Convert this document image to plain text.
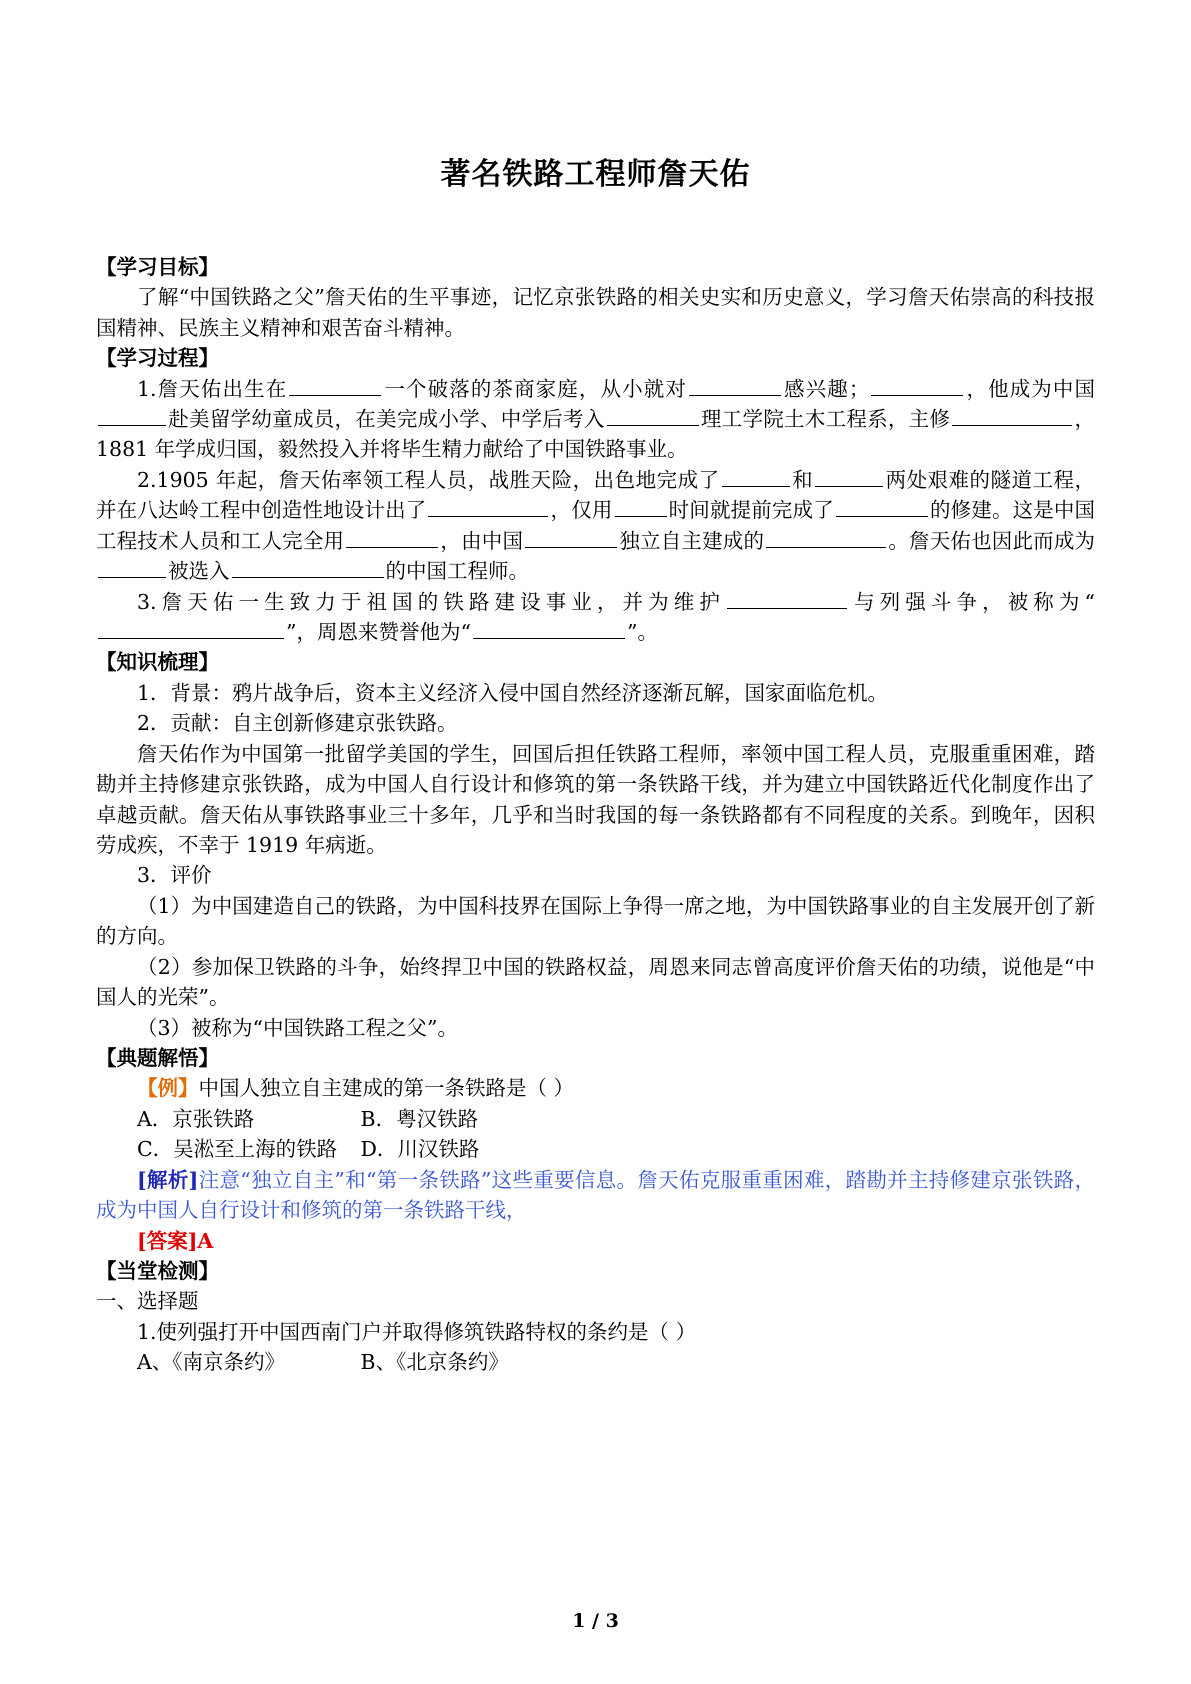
著名铁路工程师詹天佑
【学习目标】

了解“中国铁路之父”詹天佑的生平事迹，记忆京张铁路的相关史实和历史意义，学习詹天佑崇高的科技报国精神、民族主义精神和艰苦奋斗精神。

【学习过程】

1.詹天佑出生在	一个破落的茶商家庭，从小就对	感兴趣；	，他成为中国赴美留学幼童成员，在美完成小学、中学后考入	理工学院土木工程系，主修	，1881 年学成归国，毅然投入并将毕生精力献给了中国铁路事业。

2.1905 年起，詹天佑率领工程人员，战胜天险，出色地完成了	和	两处艰难的隧道工程，并在八达岭工程中创造性地设计出了	，仅用	时间就提前完成了	的修建。这是中国工程技术人员和工人完全用	，由中国	独立自主建成的	。詹天佑也因此而成为被选入	的中国工程师。

3.詹天佑一生致力于祖国的铁路建设事业，并为维护	与列强斗争，被称为“”，周恩来赞誉他为“	”。

【知识梳理】

1．背景：鸦片战争后，资本主义经济入侵中国自然经济逐渐瓦解，国家面临危机。

2．贡献：自主创新修建京张铁路。

詹天佑作为中国第一批留学美国的学生，回国后担任铁路工程师，率领中国工程人员，克服重重困难，踏勘并主持修建京张铁路，成为中国人自行设计和修筑的第一条铁路干线，并为建立中国铁路近代化制度作出了卓越贡献。詹天佑从事铁路事业三十多年，几乎和当时我国的每一条铁路都有不同程度的关系。到晚年，因积劳成疾，不幸于 1919 年病逝。

3．评价

（1）为中国建造自己的铁路，为中国科技界在国际上争得一席之地，为中国铁路事业的自主发展开创了新的方向。

（2）参加保卫铁路的斗争，始终捍卫中国的铁路权益，周恩来同志曾高度评价詹天佑的功绩，说他是“中国人的光荣”。

（3）被称为“中国铁路工程之父”。

【典题解悟】

【例】中国人独立自主建成的第一条铁路是（ ）

A．京张铁路	B．粤汉铁路

C．吴淞至上海的铁路 D．川汉铁路

[解析]注意“独立自主”和“第一条铁路”这些重要信息。詹天佑克服重重困难，踏勘并主持修建京张铁路，成为中国人自行设计和修筑的第一条铁路干线，

[答案]A

【当堂检测】

一、选择题

1.使列强打开中国西南门户并取得修筑铁路特权的条约是（ ）

A、《南京条约》	B、《北京条约》

1 / 3
